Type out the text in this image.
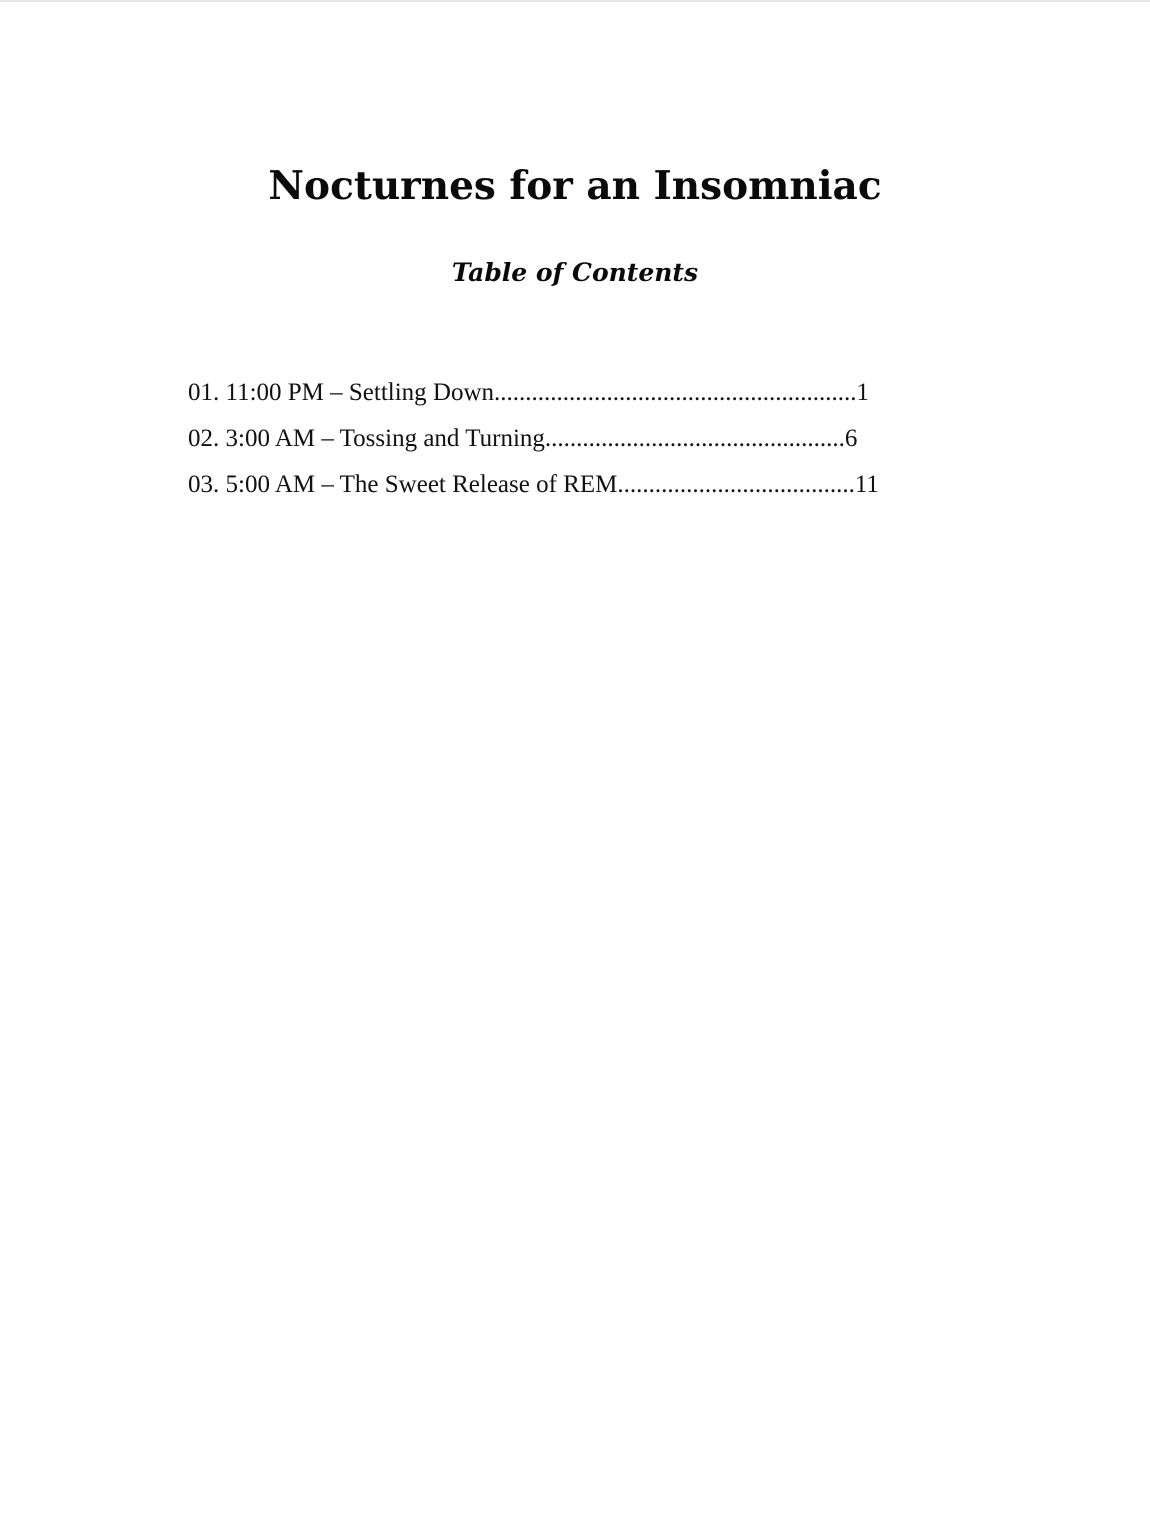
Nocturnes for an Insomniac
Table of Contents
01. 11:00 PM – Settling Down .......................................................... 1
02. 3:00 AM – Tossing and Turning ................................................ 6
03. 5:00 AM – The Sweet Release of REM ...................................... 11
